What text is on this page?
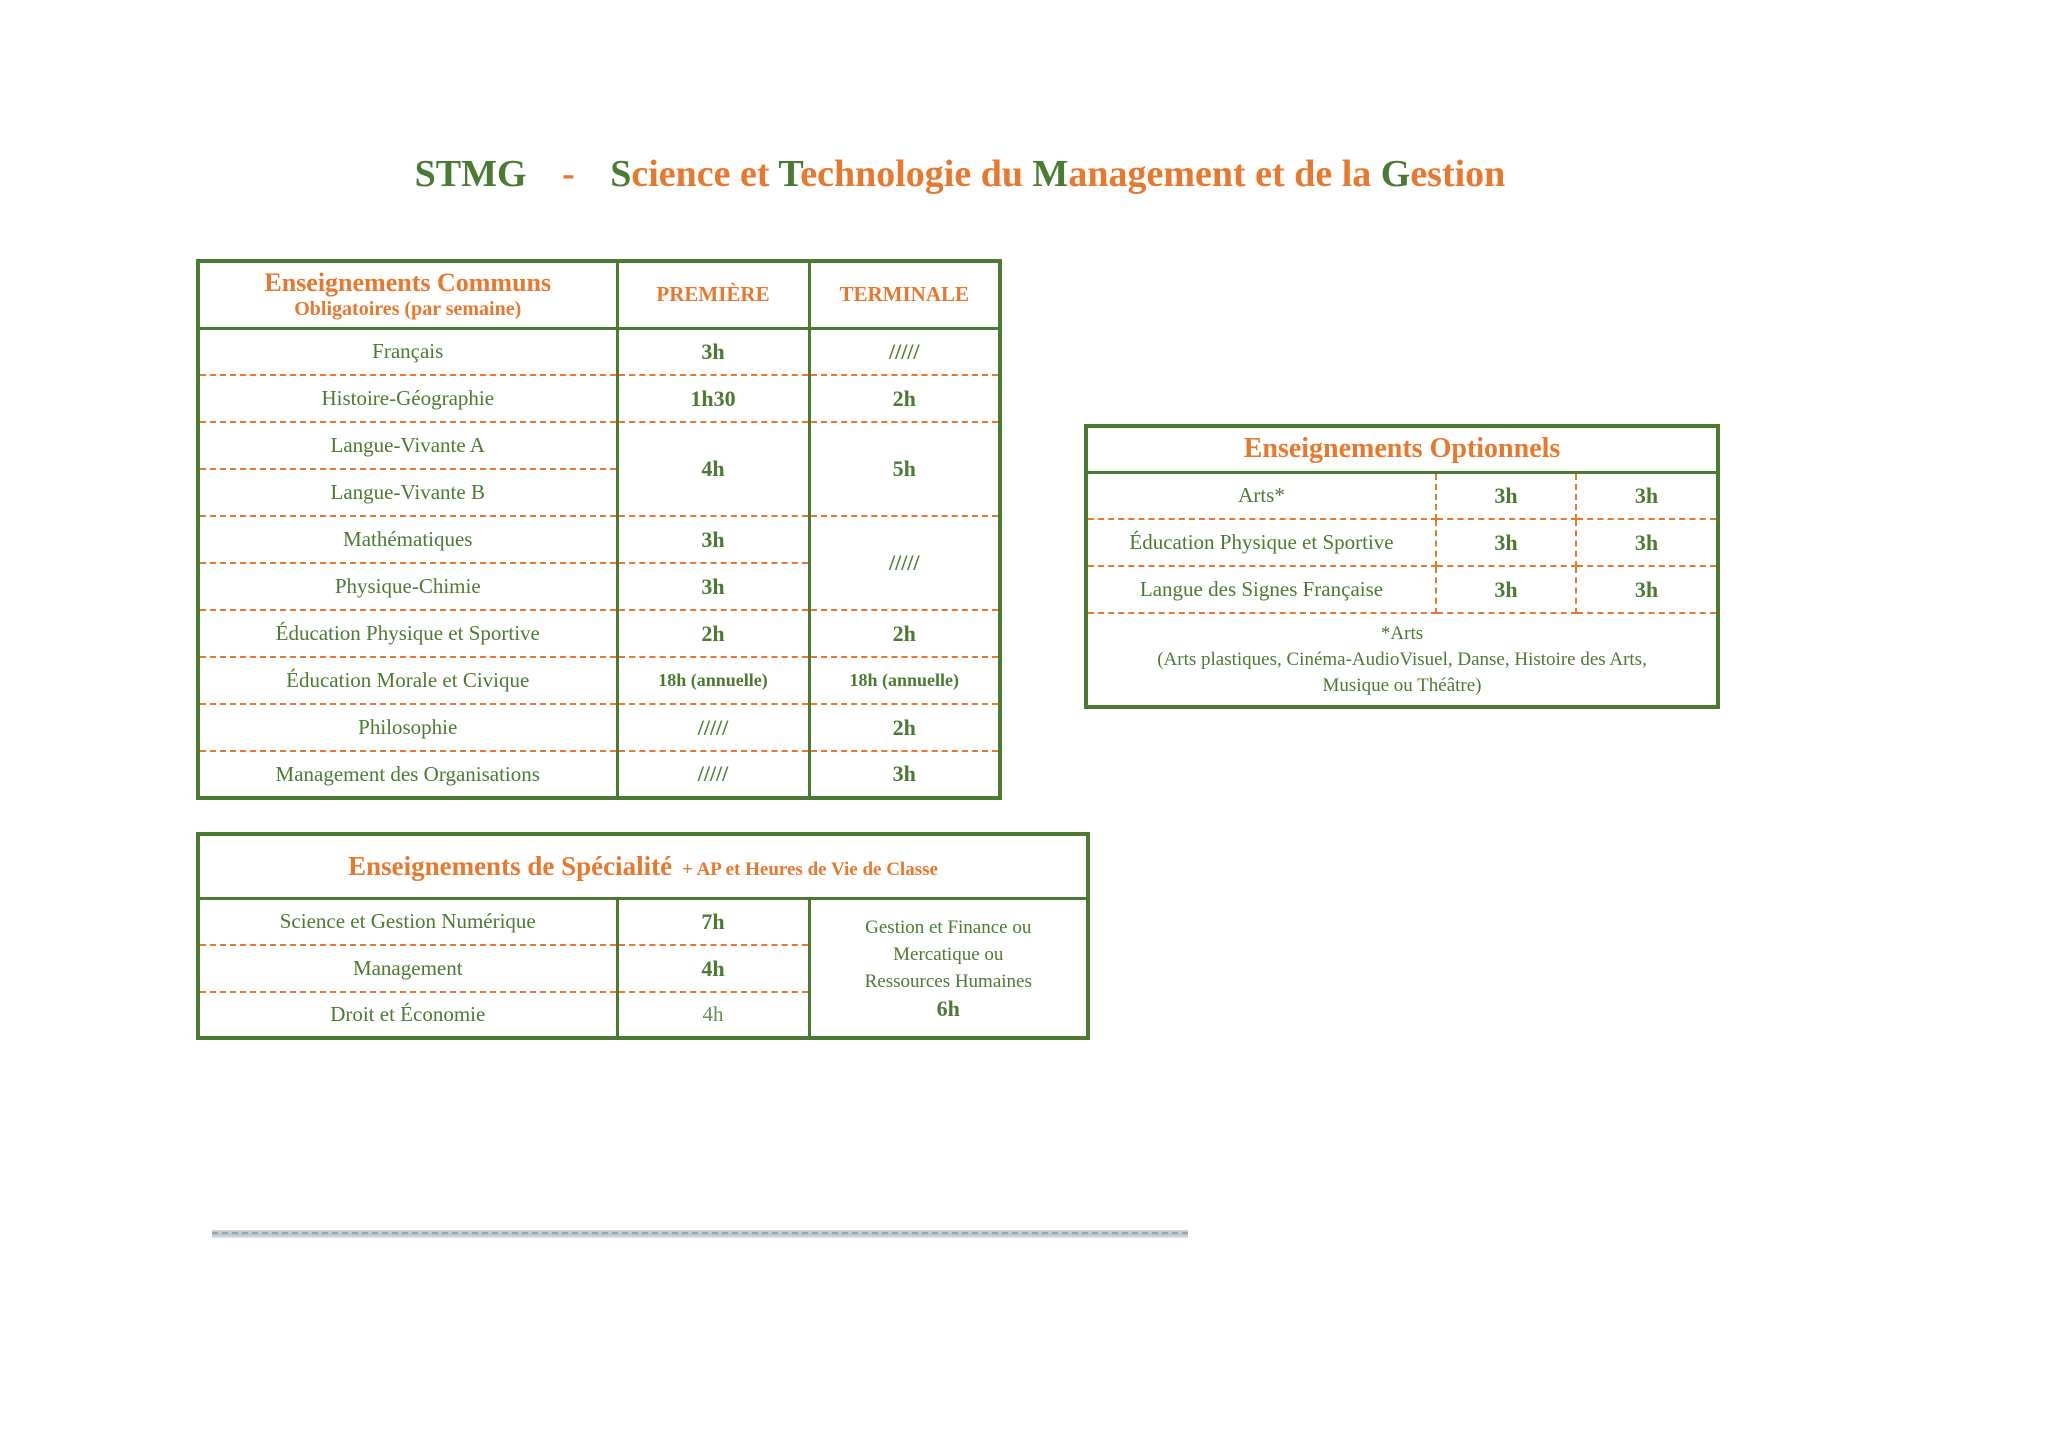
STMG - Science et Technologie du Management et de la Gestion
Enseignements Communs
Obligatoires (par semaine)	PREMIÈRE	TERMINALE
Français	3h	/////
Histoire-Géographie	1h30	2h
Langue-Vivante A	4h	5h
Langue-Vivante B		
Mathématiques	3h	/////
Physique-Chimie	3h	
Éducation Physique et Sportive	2h	2h
Éducation Morale et Civique	18h (annuelle)	18h (annuelle)
Philosophie	/////	2h
Management des Organisations	/////	3h
Enseignements de Spécialité + AP et Heures de Vie de Classe		
Science et Gestion Numérique	7h	Gestion et Finance ou
Mercatique ou
Ressources Humaines
6h

Management	4h	
Droit et Économie	4h	
Enseignements Optionnels		
Arts*	3h	3h
Éducation Physique et Sportive	3h	3h
Langue des Signes Française	3h	3h

*Arts
(Arts plastiques, Cinéma-AudioVisuel, Danse, Histoire des Arts,
Musique ou Théâtre)		
